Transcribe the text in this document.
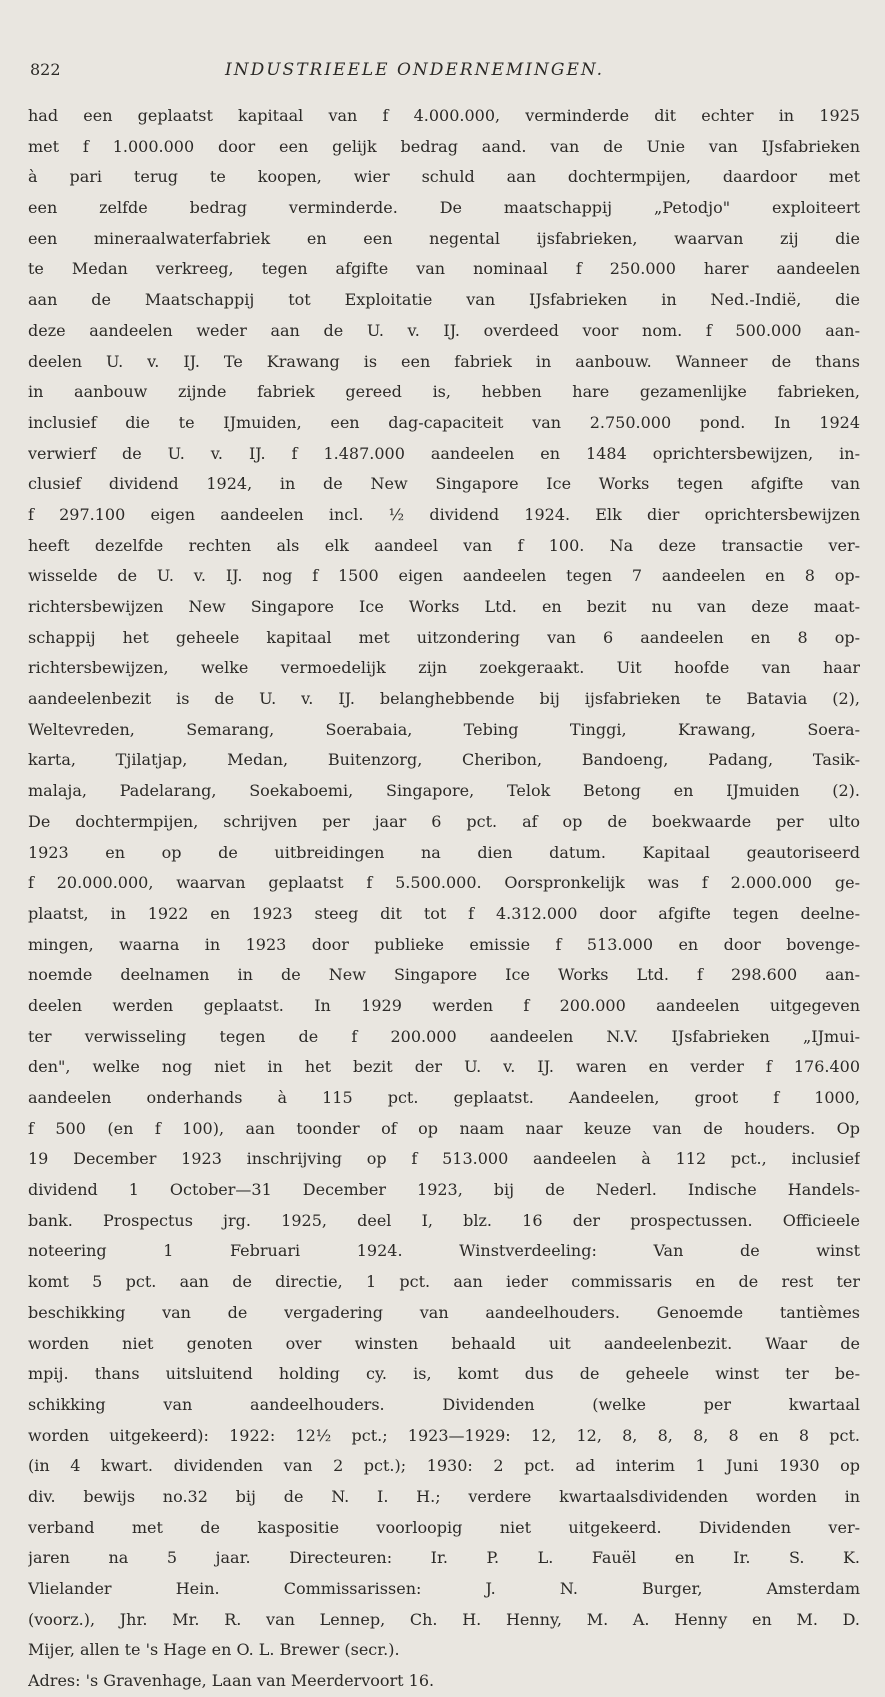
822	INDUSTRIEELE ONDERNEMINGEN.
had een geplaatst kapitaal van f 4.000.000, verminderde dit echter in 1925
met f 1.000.000 door een gelijk bedrag aand. van de Unie van IJsfabrieken
à pari terug te koopen, wier schuld aan dochtermpijen, daardoor met
een zelfde bedrag verminderde. De maatschappij „Petodjo" exploiteert
een mineraalwaterfabriek en een negental ijsfabrieken, waarvan zij die
te Medan verkreeg, tegen afgifte van nominaal f 250.000 harer aandeelen
aan de Maatschappij tot Exploitatie van IJsfabrieken in Ned.-Indië, die
deze aandeelen weder aan de U. v. IJ. overdeed voor nom. f 500.000 aan-
deelen U. v. IJ. Te Krawang is een fabriek in aanbouw. Wanneer de thans
in aanbouw zijnde fabriek gereed is, hebben hare gezamenlijke fabrieken,
inclusief die te IJmuiden, een dag-capaciteit van 2.750.000 pond. In 1924
verwierf de U. v. IJ. f 1.487.000 aandeelen en 1484 oprichtersbewijzen, in-
clusief dividend 1924, in de New Singapore Ice Works tegen afgifte van
f 297.100 eigen aandeelen incl. ½ dividend 1924. Elk dier oprichtersbewijzen
heeft dezelfde rechten als elk aandeel van f 100. Na deze transactie ver-
wisselde de U. v. IJ. nog f 1500 eigen aandeelen tegen 7 aandeelen en 8 op-
richtersbewijzen New Singapore Ice Works Ltd. en bezit nu van deze maat-
schappij het geheele kapitaal met uitzondering van 6 aandeelen en 8 op-
richtersbewijzen, welke vermoedelijk zijn zoekgeraakt. Uit hoofde van haar
aandeelenbezit is de U. v. IJ. belanghebbende bij ijsfabrieken te Batavia (2),
Weltevreden, Semarang, Soerabaia, Tebing Tinggi, Krawang, Soera-
karta, Tjilatjap, Medan, Buitenzorg, Cheribon, Bandoeng, Padang, Tasik-
malaja, Padelarang, Soekaboemi, Singapore, Telok Betong en IJmuiden (2).
De dochtermpijen, schrijven per jaar 6 pct. af op de boekwaarde per ulto
1923 en op de uitbreidingen na dien datum. Kapitaal geautoriseerd
f 20.000.000, waarvan geplaatst f 5.500.000. Oorspronkelijk was f 2.000.000 ge-
plaatst, in 1922 en 1923 steeg dit tot f 4.312.000 door afgifte tegen deelne-
mingen, waarna in 1923 door publieke emissie f 513.000 en door bovenge-
noemde deelnamen in de New Singapore Ice Works Ltd. f 298.600 aan-
deelen werden geplaatst. In 1929 werden f 200.000 aandeelen uitgegeven
ter verwisseling tegen de f 200.000 aandeelen N.V. IJsfabrieken „IJmui-
den", welke nog niet in het bezit der U. v. IJ. waren en verder f 176.400
aandeelen onderhands à 115 pct. geplaatst. Aandeelen, groot f 1000,
f 500 (en f 100), aan toonder of op naam naar keuze van de houders. Op
19 December 1923 inschrijving op f 513.000 aandeelen à 112 pct., inclusief
dividend 1 October—31 December 1923, bij de Nederl. Indische Handels-
bank. Prospectus jrg. 1925, deel I, blz. 16 der prospectussen. Officieele
noteering 1 Februari 1924. Winstverdeeling: Van de winst
komt 5 pct. aan de directie, 1 pct. aan ieder commissaris en de rest ter
beschikking van de vergadering van aandeelhouders. Genoemde tantièmes
worden niet genoten over winsten behaald uit aandeelenbezit. Waar de
mpij. thans uitsluitend holding cy. is, komt dus de geheele winst ter be-
schikking van aandeelhouders. Dividenden (welke per kwartaal
worden uitgekeerd): 1922: 12½ pct.; 1923—1929: 12, 12, 8, 8, 8, 8 en 8 pct.
(in 4 kwart. dividenden van 2 pct.); 1930: 2 pct. ad interim 1 Juni 1930 op
div. bewijs no.32 bij de N. I. H.; verdere kwartaalsdividenden worden in
verband met de kaspositie voorloopig niet uitgekeerd. Dividenden ver-
jaren na 5 jaar. Directeuren: Ir. P. L. Fauël en Ir. S. K.
Vlielander Hein. Commissarissen: J. N. Burger, Amsterdam
(voorz.), Jhr. Mr. R. van Lennep, Ch. H. Henny, M. A. Henny en M. D.
Mijer, allen te 's Hage en O. L. Brewer (secr.).
Adres: 's Gravenhage, Laan van Meerdervoort 16.
